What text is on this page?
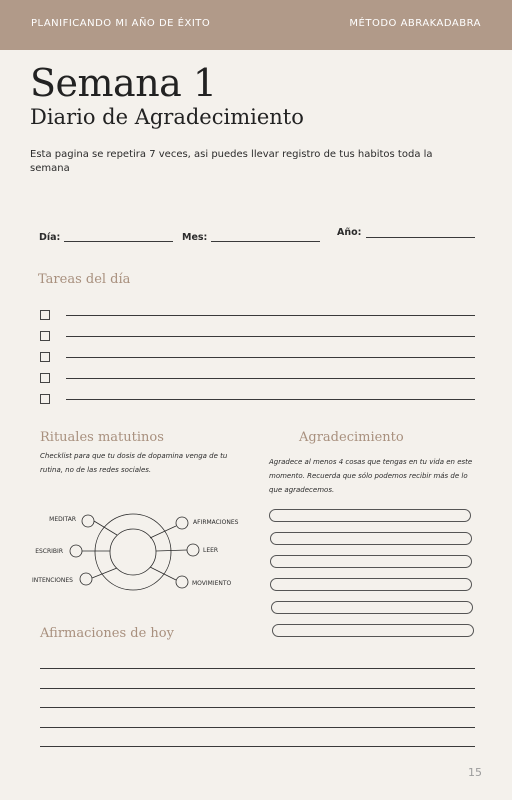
PLANIFICANDO MI AÑO DE ÉXITO	MÉTODO ABRAKADABRA
Semana 1
Diario de Agradecimiento
Esta pagina se repetira 7 veces, asi puedes llevar registro de tus habitos toda la semana
Día:	Mes:	Año:
Tareas del día
Rituales matutinos
Checklist para que tu dosis de dopamina venga de tu rutina, no de las redes sociales.
MEDITAR
ESCRIBIR
INTENCIONES
AFIRMACIONES
LEER
MOVIMIENTO
Agradecimiento
Agradece al menos 4 cosas que tengas en tu vida en este momento. Recuerda que sólo podemos recibir más de lo que agradecemos.
Afirmaciones de hoy
15
